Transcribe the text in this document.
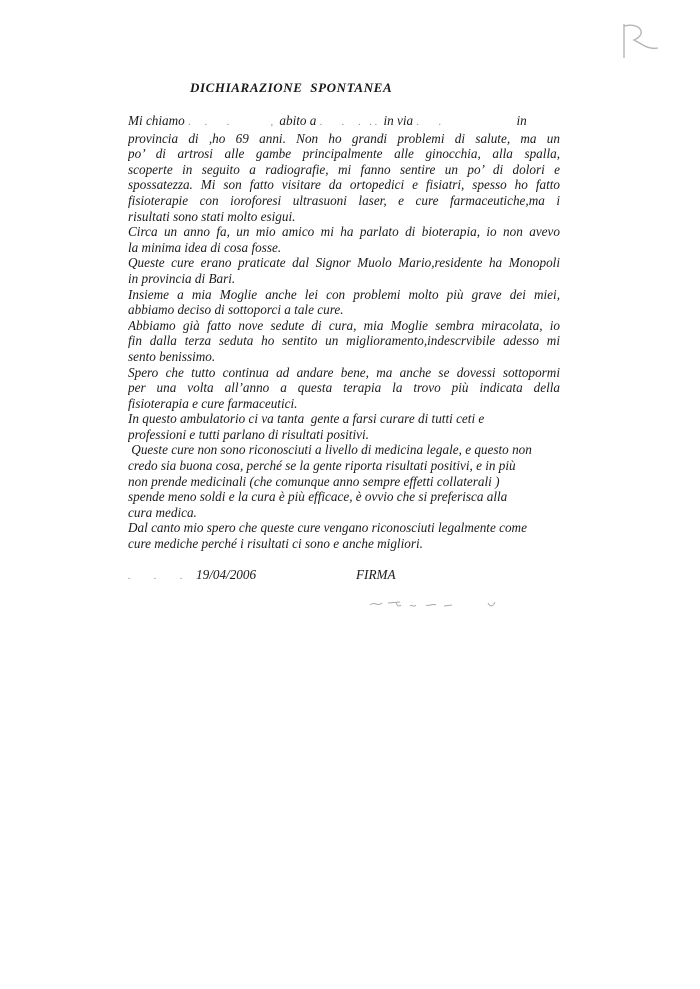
DICHIARAZIONE  SPONTANEA
Mi chiamo .  .   .       , abito a .   .  . .. in via .   .                      in
provincia di ,ho 69 anni. Non ho grandi problemi di salute, ma un
po’ di artrosi alle gambe principalmente alle ginocchia, alla spalla,
scoperte in seguito a radiografie, mi fanno sentire un po’ di dolori e
spossatezza. Mi son fatto visitare da ortopedici e fisiatri, spesso ho fatto
fisioterapie con ioroforesi ultrasuoni laser, e cure farmaceutiche,ma i
risultati sono stati molto esigui.
Circa un anno fa, un mio amico mi ha parlato di bioterapia, io non avevo
la minima idea di cosa fosse.
Queste cure erano praticate dal Signor Muolo Mario,residente ha Monopoli
in provincia di Bari.
Insieme a mia Moglie anche lei con problemi molto più grave dei miei,
abbiamo deciso di sottoporci a tale cure.
Abbiamo già fatto nove sedute di cura, mia Moglie sembra miracolata, io
fin dalla terza seduta ho sentito un miglioramento,indescrvibile adesso mi
sento benissimo.
Spero che tutto continua ad andare bene, ma anche se dovessi sottopormi
per una volta all’anno a questa terapia la trovo più indicata della
fisioterapia e cure farmaceutici.
In questo ambulatorio ci va tanta  gente a farsi curare di tutti ceti e
professioni e tutti parlano di risultati positivi.
Queste cure non sono riconosciuti a livello di medicina legale, e questo non
credo sia buona cosa, perché se la gente riporta risultati positivi, e in più
non prende medicinali (che comunque anno sempre effetti collaterali )
spende meno soldi e la cura è più efficace, è ovvio che si preferisca alla
cura medica.
Dal canto mio spero che queste cure vengano riconosciuti legalmente come
cure mediche perché i risultati ci sono e anche migliori.
.   .   .   .
19/04/2006	FIRMA
